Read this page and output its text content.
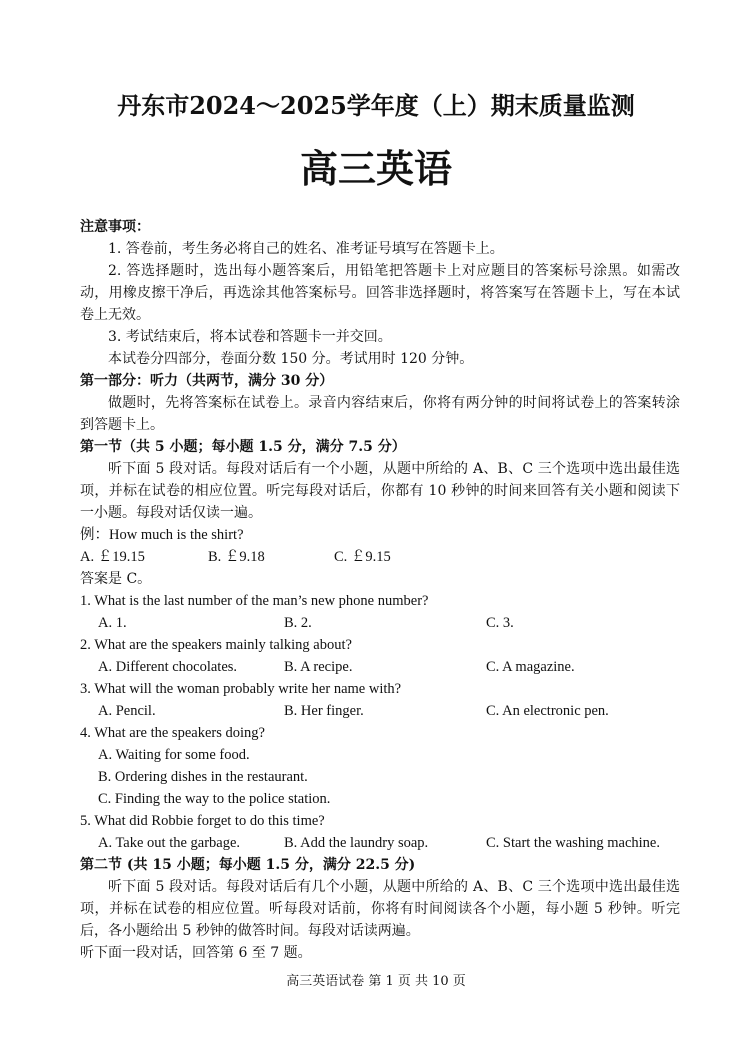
丹东市2024～2025学年度（上）期末质量监测
高三英语
注意事项：
1. 答卷前，考生务必将自己的姓名、准考证号填写在答题卡上。
2. 答选择题时，选出每小题答案后，用铅笔把答题卡上对应题目的答案标号涂黑。如需改动，用橡皮擦干净后，再选涂其他答案标号。回答非选择题时，将答案写在答题卡上，写在本试卷上无效。
3. 考试结束后，将本试卷和答题卡一并交回。
本试卷分四部分，卷面分数 150 分。考试用时 120 分钟。
第一部分：听力（共两节，满分 30 分）
做题时，先将答案标在试卷上。录音内容结束后，你将有两分钟的时间将试卷上的答案转涂到答题卡上。
第一节（共 5 小题；每小题 1.5 分，满分 7.5 分）
听下面 5 段对话。每段对话后有一个小题，从题中所给的 A、B、C 三个选项中选出最佳选项，并标在试卷的相应位置。听完每段对话后，你都有 10 秒钟的时间来回答有关小题和阅读下一小题。每段对话仅读一遍。
例：How much is the shirt?
A. ￡19.15	B. ￡9.18	C. ￡9.15
答案是 C。
1. What is the last number of the man’s new phone number?
A. 1.	B. 2.	C. 3.
2. What are the speakers mainly talking about?
A. Different chocolates.	B. A recipe.	C. A magazine.
3. What will the woman probably write her name with?
A. Pencil.	B. Her finger.	C. An electronic pen.
4. What are the speakers doing?
A. Waiting for some food.
B. Ordering dishes in the restaurant.
C. Finding the way to the police station.
5. What did Robbie forget to do this time?
A. Take out the garbage.	B. Add the laundry soap.	C. Start the washing machine.
第二节 (共 15 小题；每小题 1.5 分，满分 22.5 分)
听下面 5 段对话。每段对话后有几个小题，从题中所给的 A、B、C 三个选项中选出最佳选项，并标在试卷的相应位置。听每段对话前，你将有时间阅读各个小题，每小题 5 秒钟。听完后，各小题给出 5 秒钟的做答时间。每段对话读两遍。
听下面一段对话，回答第 6 至 7 题。
高三英语试卷 第 1 页 共 10 页
